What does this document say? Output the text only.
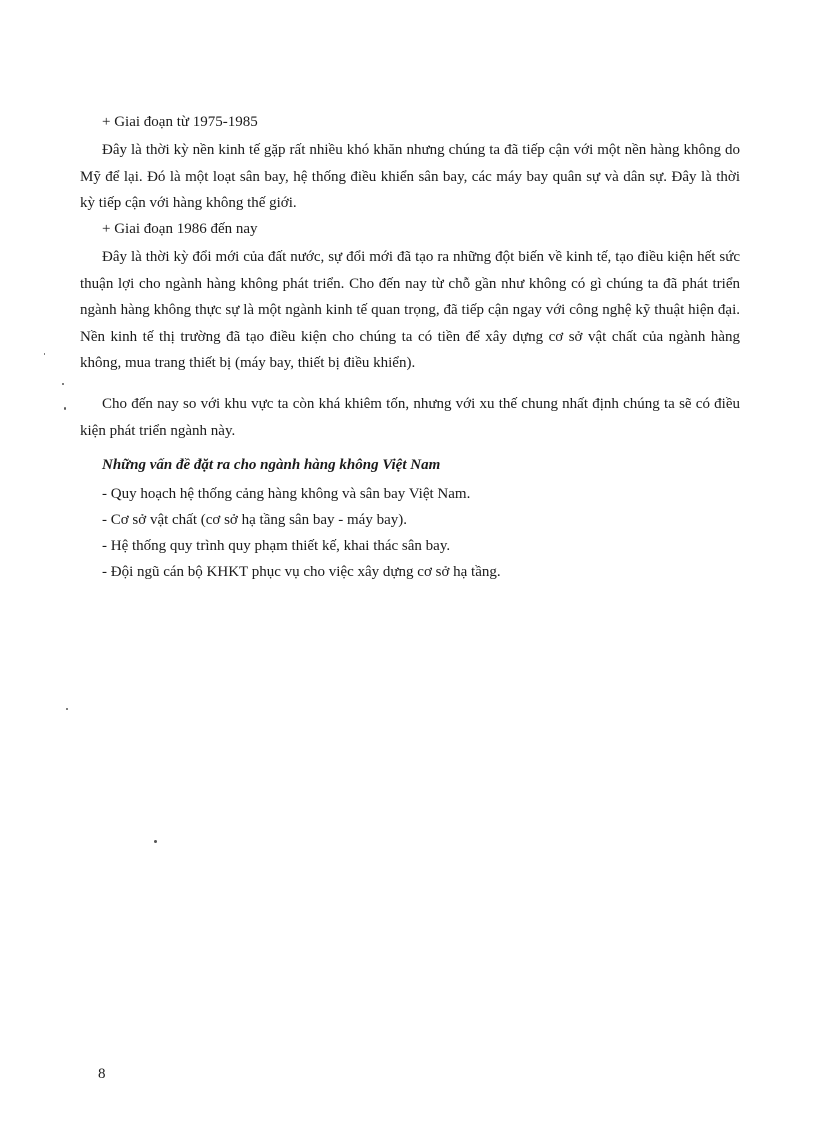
+ Giai đoạn từ 1975-1985

Đây là thời kỳ nền kinh tế gặp rất nhiều khó khăn nhưng chúng ta đã tiếp cận với một nền hàng không do Mỹ để lại. Đó là một loạt sân bay, hệ thống điều khiển sân bay, các máy bay quân sự và dân sự. Đây là thời kỳ tiếp cận với hàng không thế giới.

+ Giai đoạn 1986 đến nay

Đây là thời kỳ đổi mới của đất nước, sự đổi mới đã tạo ra những đột biến về kinh tế, tạo điều kiện hết sức thuận lợi cho ngành hàng không phát triển. Cho đến nay từ chỗ gần như không có gì chúng ta đã phát triển ngành hàng không thực sự là một ngành kinh tế quan trọng, đã tiếp cận ngay với công nghệ kỹ thuật hiện đại. Nền kinh tế thị trường đã tạo điều kiện cho chúng ta có tiền để xây dựng cơ sở vật chất của ngành hàng không, mua trang thiết bị (máy bay, thiết bị điều khiển).

Cho đến nay so với khu vực ta còn khá khiêm tốn, nhưng với xu thế chung nhất định chúng ta sẽ có điều kiện phát triển ngành này.

Những vấn đề đặt ra cho ngành hàng không Việt Nam
- Quy hoạch hệ thống cảng hàng không và sân bay Việt Nam.
- Cơ sở vật chất (cơ sở hạ tầng sân bay - máy bay).
- Hệ thống quy trình quy phạm thiết kế, khai thác sân bay.
- Đội ngũ cán bộ KHKT phục vụ cho việc xây dựng cơ sở hạ tầng.
8
